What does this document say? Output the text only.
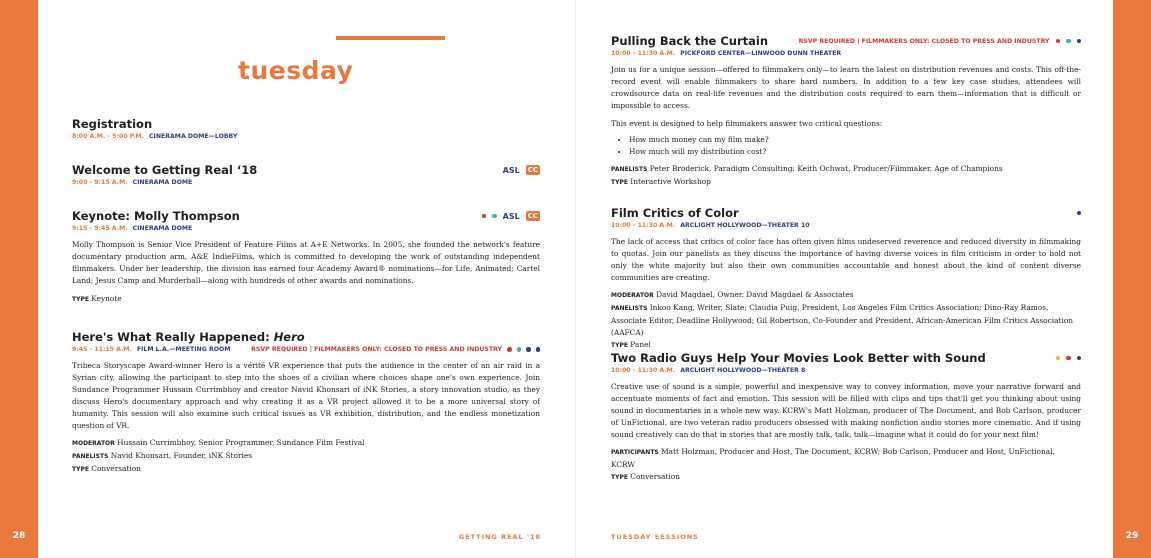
28	29
tuesday
Registration
8:00 A.M. - 5:00 P.M. CINERAMA DOME—LOBBY
Welcome to Getting Real ‘18	ASL CC
9:00 - 9:15 A.M. CINERAMA DOME
Keynote: Molly Thompson	ASL CC
9:15 - 9:45 A.M. CINERAMA DOME
Molly Thompson is Senior Vice President of Feature Films at A+E Networks. In 2005, she founded the network's feature documentary production arm, A&E IndieFilms, which is committed to developing the work of outstanding independent filmmakers. Under her leadership, the division has earned four Academy Award® nominations—for Life, Animated; Cartel Land; Jesus Camp and Murderball—along with hundreds of other awards and nominations.
TYPE Keynote
Here's What Really Happened: Hero
9:45 - 11:15 A.M. FILM L.A.—MEETING ROOM	RSVP REQUIRED | FILMMAKERS ONLY: CLOSED TO PRESS AND INDUSTRY
Tribeca Storyscape Award-winner Hero is a vérité VR experience that puts the audience in the center of an air raid in a Syrian city, allowing the participant to step into the shoes of a civilian where choices shape one's own experience. Join Sundance Programmer Hussain Currimbhoy and creator Navid Khonsari of iNK Stories, a story innovation studio, as they discuss Hero's documentary approach and why creating it as a VR project allowed it to be a more universal story of humanity. This session will also examine such critical issues as VR exhibition, distribution, and the endless monetization question of VR.
MODERATOR Hussain Currimbhoy, Senior Programmer, Sundance Film Festival
PANELISTS Navid Khonsari, Founder, iNK Stories
TYPE Conversation
GETTING REAL '18
Pulling Back the Curtain	RSVP REQUIRED | FILMMAKERS ONLY: CLOSED TO PRESS AND INDUSTRY
10:00 - 11:30 A.M. PICKFORD CENTER—LINWOOD DUNN THEATER
Join us for a unique session—offered to filmmakers only—to learn the latest on distribution revenues and costs. This off-the-record event will enable filmmakers to share hard numbers. In addition to a few key case studies, attendees will crowdsource data on real-life revenues and the distribution costs required to earn them—information that is difficult or impossible to access.
This event is designed to help filmmakers answer two critical questions:
• How much money can my film make?
• How much will my distribution cost?
PANELISTS Peter Broderick, Paradigm Consulting; Keith Ochwat, Producer/Filmmaker, Age of Champions
TYPE Interactive Workshop
Film Critics of Color
10:00 - 11:30 A.M. ARCLIGHT HOLLYWOOD—THEATER 10
The lack of access that critics of color face has often given films undeserved reverence and reduced diversity in filmmaking to quotas. Join our panelists as they discuss the importance of having diverse voices in film criticism in order to hold not only the white majority but also their own communities accountable and honest about the kind of content diverse communities are creating.
MODERATOR David Magdael, Owner, David Magdael & Associates
PANELISTS Inkoo Kang, Writer, Slate; Claudia Puig, President, Los Angeles Film Critics Association; Dino-Ray Ramos, Associate Editor, Deadline Hollywood; Gil Robertson, Co-Founder and President, African-American Film Critics Association (AAFCA)
TYPE Panel
Two Radio Guys Help Your Movies Look Better with Sound
10:00 - 11:30 A.M. ARCLIGHT HOLLYWOOD—THEATER 8
Creative use of sound is a simple, powerful and inexpensive way to convey information, move your narrative forward and accentuate moments of fact and emotion. This session will be filled with clips and tips that'll get you thinking about using sound in documentaries in a whole new way. KCRW's Matt Holzman, producer of The Document, and Bob Carlson, producer of UnFictional, are two veteran radio producers obsessed with making nonfiction audio stories more cinematic. And if using sound creatively can do that in stories that are mostly talk, talk, talk—imagine what it could do for your next film!
PARTICIPANTS Matt Holzman, Producer and Host, The Document, KCRW; Bob Carlson, Producer and Host, UnFictional, KCRW
TYPE Conversation
TUESDAY SESSIONS
